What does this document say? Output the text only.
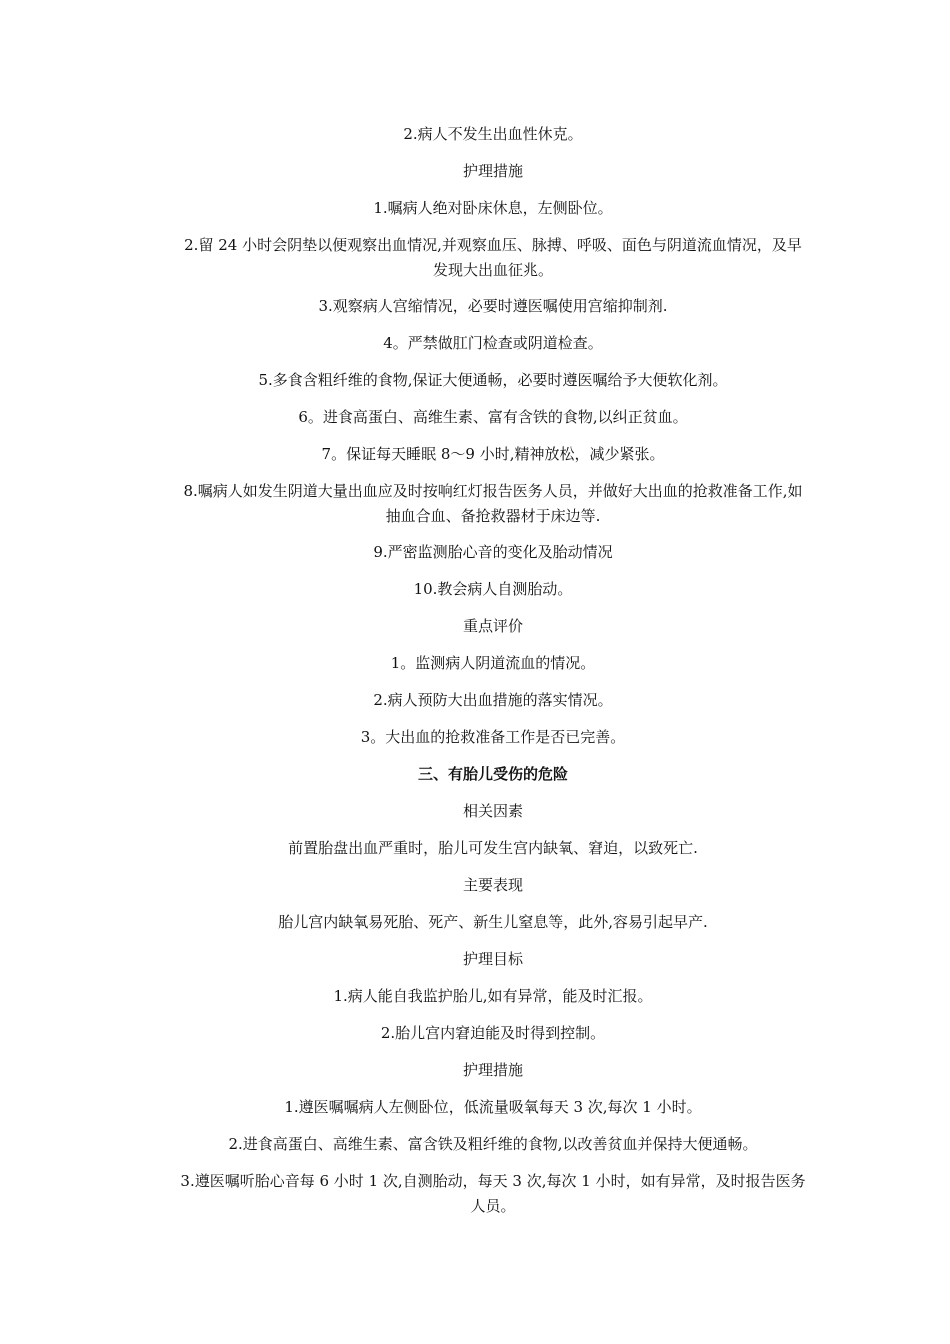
2.病人不发生出血性休克。

护理措施

1.嘱病人绝对卧床休息，左侧卧位。

2.留 24 小时会阴垫以便观察出血情况,并观察血压、脉搏、呼吸、面色与阴道流血情况，及早发现大出血征兆。

3.观察病人宫缩情况，必要时遵医嘱使用宫缩抑制剂.

4。严禁做肛门检查或阴道检查。

5.多食含粗纤维的食物,保证大便通畅，必要时遵医嘱给予大便软化剂。

6。进食高蛋白、高维生素、富有含铁的食物,以纠正贫血。

7。保证每天睡眠 8～9 小时,精神放松，减少紧张。

8.嘱病人如发生阴道大量出血应及时按响红灯报告医务人员，并做好大出血的抢救准备工作,如抽血合血、备抢救器材于床边等.

9.严密监测胎心音的变化及胎动情况

10.教会病人自测胎动。

重点评价

1。监测病人阴道流血的情况。

2.病人预防大出血措施的落实情况。

3。大出血的抢救准备工作是否已完善。

三、有胎儿受伤的危险

相关因素

前置胎盘出血严重时，胎儿可发生宫内缺氧、窘迫，以致死亡.

主要表现

胎儿宫内缺氧易死胎、死产、新生儿窒息等，此外,容易引起早产.

护理目标

1.病人能自我监护胎儿,如有异常，能及时汇报。

2.胎儿宫内窘迫能及时得到控制。

护理措施

1.遵医嘱嘱病人左侧卧位，低流量吸氧每天 3 次,每次 1 小时。

2.进食高蛋白、高维生素、富含铁及粗纤维的食物,以改善贫血并保持大便通畅。

3.遵医嘱听胎心音每 6 小时 1 次,自测胎动，每天 3 次,每次 1 小时，如有异常，及时报告医务人员。
